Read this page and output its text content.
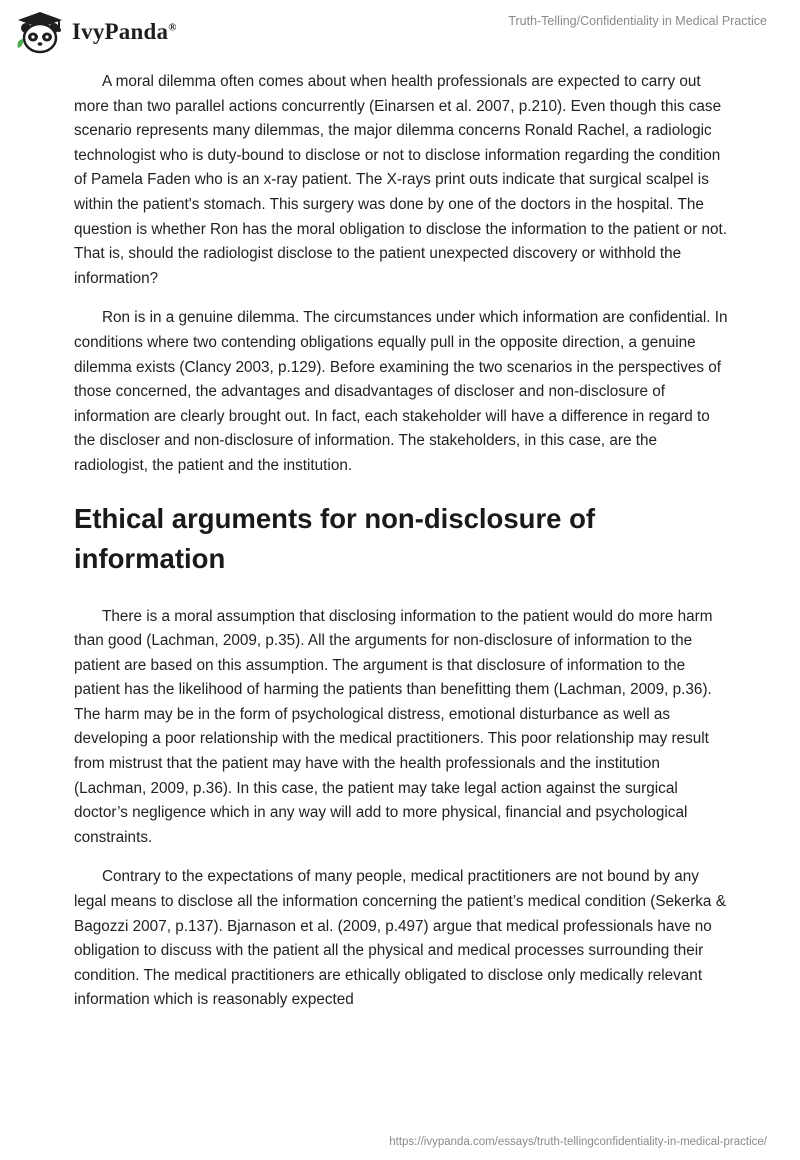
IvyPanda®	Truth-Telling/Confidentiality in Medical Practice

A moral dilemma often comes about when health professionals are expected to carry out more than two parallel actions concurrently (Einarsen et al. 2007, p.210). Even though this case scenario represents many dilemmas, the major dilemma concerns Ronald Rachel, a radiologic technologist who is duty-bound to disclose or not to disclose information regarding the condition of Pamela Faden who is an x-ray patient. The X-rays print outs indicate that surgical scalpel is within the patient's stomach. This surgery was done by one of the doctors in the hospital. The question is whether Ron has the moral obligation to disclose the information to the patient or not. That is, should the radiologist disclose to the patient unexpected discovery or withhold the information?

Ron is in a genuine dilemma. The circumstances under which information are confidential. In conditions where two contending obligations equally pull in the opposite direction, a genuine dilemma exists (Clancy 2003, p.129). Before examining the two scenarios in the perspectives of those concerned, the advantages and disadvantages of discloser and non-disclosure of information are clearly brought out. In fact, each stakeholder will have a difference in regard to the discloser and non-disclosure of information. The stakeholders, in this case, are the radiologist, the patient and the institution.

Ethical arguments for non-disclosure of information

There is a moral assumption that disclosing information to the patient would do more harm than good (Lachman, 2009, p.35). All the arguments for non-disclosure of information to the patient are based on this assumption. The argument is that disclosure of information to the patient has the likelihood of harming the patients than benefitting them (Lachman, 2009, p.36). The harm may be in the form of psychological distress, emotional disturbance as well as developing a poor relationship with the medical practitioners. This poor relationship may result from mistrust that the patient may have with the health professionals and the institution (Lachman, 2009, p.36). In this case, the patient may take legal action against the surgical doctor’s negligence which in any way will add to more physical, financial and psychological constraints.

Contrary to the expectations of many people, medical practitioners are not bound by any legal means to disclose all the information concerning the patient’s medical condition (Sekerka & Bagozzi 2007, p.137). Bjarnason et al. (2009, p.497) argue that medical professionals have no obligation to discuss with the patient all the physical and medical processes surrounding their condition. The medical practitioners are ethically obligated to disclose only medically relevant information which is reasonably expected

https://ivypanda.com/essays/truth-tellingconfidentiality-in-medical-practice/
